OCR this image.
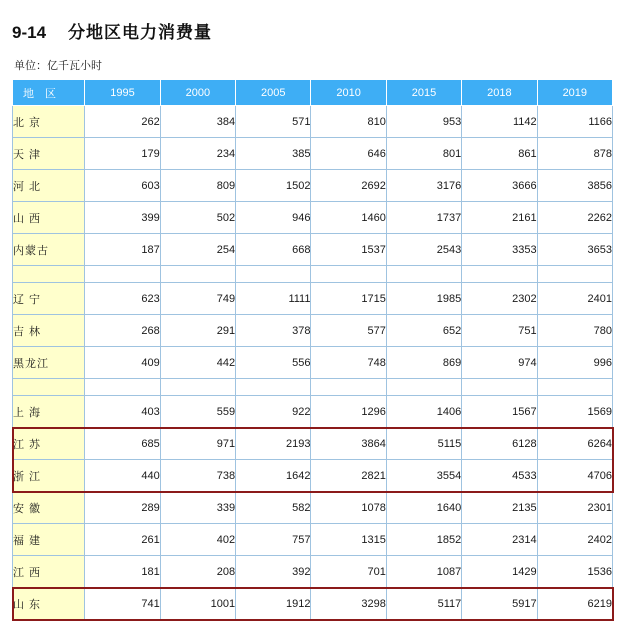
9-14 分地区电力消费量
单位：亿千瓦小时
地 区	1995	2000	2005	2010	2015	2018	2019
北 京	262	384	571	810	953	1142	1166
天 津	179	234	385	646	801	861	878
河 北	603	809	1502	2692	3176	3666	3856
山 西	399	502	946	1460	1737	2161	2262
内蒙古	187	254	668	1537	2543	3353	3653

辽 宁	623	749	1111	1715	1985	2302	2401
吉 林	268	291	378	577	652	751	780
黑龙江	409	442	556	748	869	974	996

上 海	403	559	922	1296	1406	1567	1569
江 苏	685	971	2193	3864	5115	6128	6264
浙 江	440	738	1642	2821	3554	4533	4706
安 徽	289	339	582	1078	1640	2135	2301
福 建	261	402	757	1315	1852	2314	2402
江 西	181	208	392	701	1087	1429	1536
山 东	741	1001	1912	3298	5117	5917	6219
